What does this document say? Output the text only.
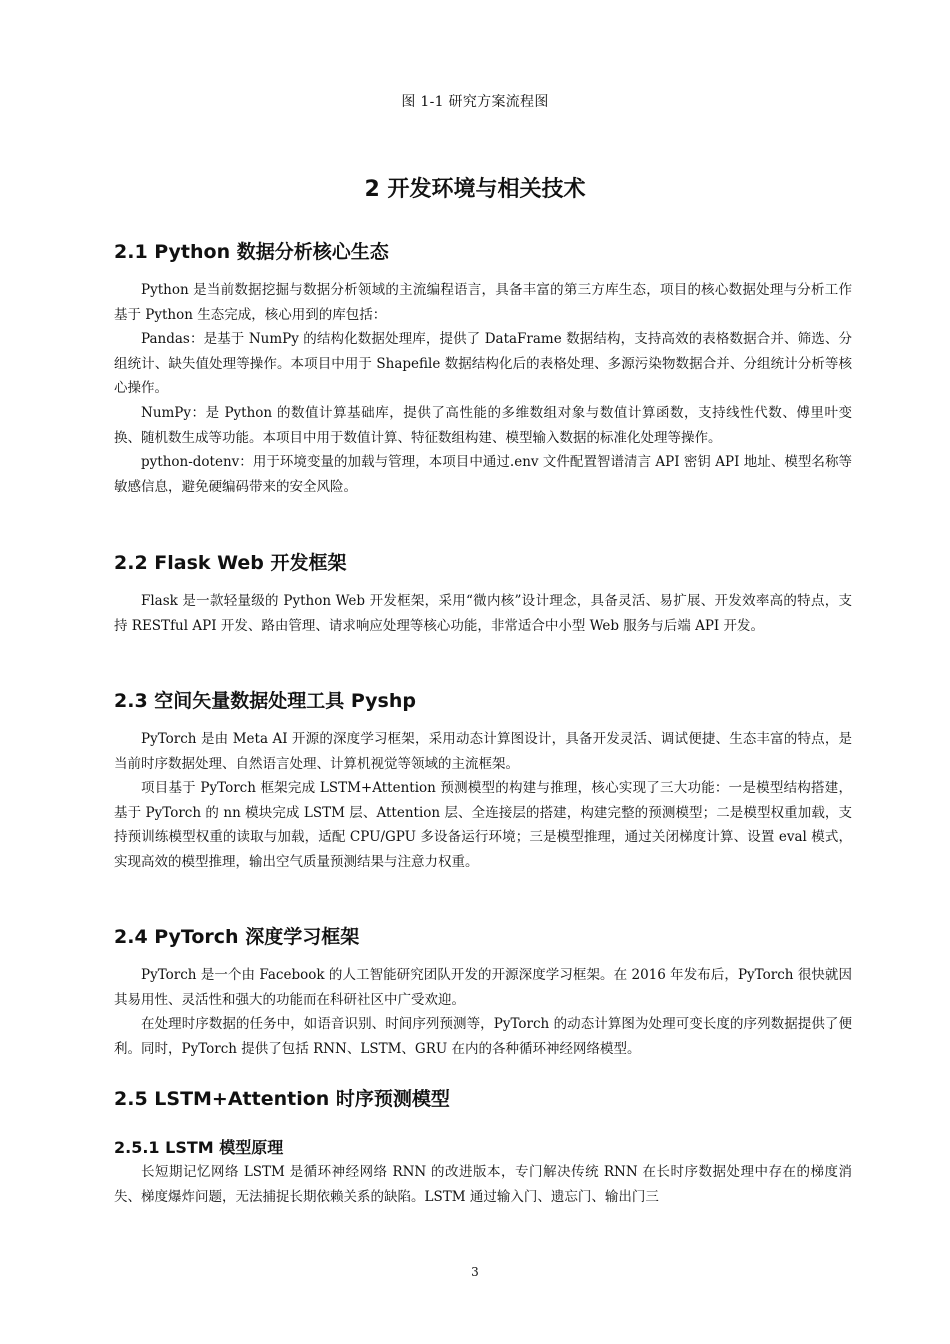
图 1-1 研究方案流程图
2 开发环境与相关技术
2.1 Python 数据分析核心生态

Python 是当前数据挖掘与数据分析领域的主流编程语言，具备丰富的第三方库生态，项目的核心数据处理与分析工作基于 Python 生态完成，核心用到的库包括：

Pandas：是基于 NumPy 的结构化数据处理库，提供了 DataFrame 数据结构，支持高效的表格数据合并、筛选、分组统计、缺失值处理等操作。本项目中用于 Shapefile 数据结构化后的表格处理、多源污染物数据合并、分组统计分析等核心操作。

NumPy：是 Python 的数值计算基础库，提供了高性能的多维数组对象与数值计算函数，支持线性代数、傅里叶变换、随机数生成等功能。本项目中用于数值计算、特征数组构建、模型输入数据的标准化处理等操作。

python-dotenv：用于环境变量的加载与管理，本项目中通过.env 文件配置智谱清言 API 密钥 API 地址、模型名称等敏感信息，避免硬编码带来的安全风险。

2.2 Flask Web 开发框架

Flask 是一款轻量级的 Python Web 开发框架，采用“微内核”设计理念，具备灵活、易扩展、开发效率高的特点，支持 RESTful API 开发、路由管理、请求响应处理等核心功能，非常适合中小型 Web 服务与后端 API 开发。

2.3 空间矢量数据处理工具 Pyshp

PyTorch 是由 Meta AI 开源的深度学习框架，采用动态计算图设计，具备开发灵活、调试便捷、生态丰富的特点，是当前时序数据处理、自然语言处理、计算机视觉等领域的主流框架。

项目基于 PyTorch 框架完成 LSTM+Attention 预测模型的构建与推理，核心实现了三大功能：一是模型结构搭建，基于 PyTorch 的 nn 模块完成 LSTM 层、Attention 层、全连接层的搭建，构建完整的预测模型；二是模型权重加载，支持预训练模型权重的读取与加载，适配 CPU/GPU 多设备运行环境；三是模型推理，通过关闭梯度计算、设置 eval 模式，实现高效的模型推理，输出空气质量预测结果与注意力权重。

2.4 PyTorch 深度学习框架

PyTorch 是一个由 Facebook 的人工智能研究团队开发的开源深度学习框架。在 2016 年发布后，PyTorch 很快就因其易用性、灵活性和强大的功能而在科研社区中广受欢迎。

在处理时序数据的任务中，如语音识别、时间序列预测等，PyTorch 的动态计算图为处理可变长度的序列数据提供了便利。同时，PyTorch 提供了包括 RNN、LSTM、GRU 在内的各种循环神经网络模型。

2.5 LSTM+Attention 时序预测模型
2.5.1 LSTM 模型原理

长短期记忆网络 LSTM 是循环神经网络 RNN 的改进版本，专门解决传统 RNN 在长时序数据处理中存在的梯度消失、梯度爆炸问题，无法捕捉长期依赖关系的缺陷。LSTM 通过输入门、遗忘门、输出门三

3
